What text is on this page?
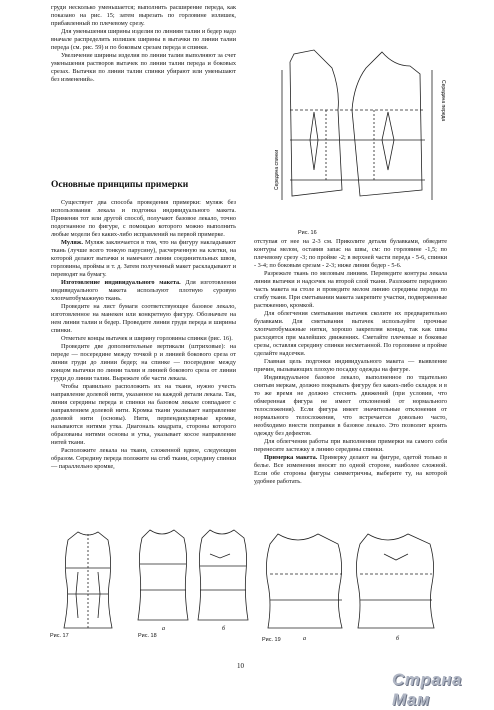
груди несколько уменьшается; выполнить расширение переда, как показано на рис. 15; затем вырезать по горловине излишек, прибавленный по плечевому срезу.

Для уменьшения ширины изделия по линиям талии и бедер надо вначале распределить излишек ширины в вытачки по линии талии переда (см. рис. 59) и по боковым срезам переда и спинки.

Увеличение ширины изделия по линии талии выполняют за счет уменьшения растворов вытачек по линии талии переда и боковых срезах. Вытачки по линии талии спинки убирают или уменьшают без изменений».

Основные принципы примерки

Существует два способа проведения примерки: муляж без использования лекала и подгонка индивидуального макета. Применяя тот или другой способ, получают базовое лекало, точно подогнанное по фигуре, с помощью которого можно выполнить любые модели без каких-либо исправлений на первой примерке.

Муляж. Муляж заключается в том, что на фигуру накладывают ткань (лучше всего тонкую парусину), расчерченную на клетки, на которой делают вытачки и намечают линии соединительных швов, горловины, проймы и т. д. Затем полученный макет раскладывают и переводят на бумагу.

Изготовление индивидуального макета. Для изготовления индивидуального макета используют плотную суровую хлопчатобумажную ткань.

Проведите на лист бумаги соответствующее базовое лекало, изготовленное на манекен или конкретную фигуру. Обозначьте на нем линии талии и бедер. Проведите линии груди переда и ширины спинки.

Отметьте концы вытачек и ширину горловины спинки (рис. 16).

Проведите две дополнительные вертикали (штриховые): на переде — посередине между точкой р и линией бокового среза от линии груди до линии бедер; на спинке — посередине между концом вытачки по линии талии и линией бокового среза от линии груди до линии талии. Вырежьте обе части лекала.

Чтобы правильно расположить их на ткани, нужно учесть направление долевой нити, указанное на каждой детали лекала. Так, линия середины переда и спинки на базовом лекале совпадают с направлением долевой нити. Кромка ткани указывает направление долевой нити (основы). Нити, перпендикулярные кромке, называются нитями утка. Диагональ квадрата, стороны которого образованы нитями основы и утка, указывает косое направление нитей ткани.

Расположите лекала на ткани, сложенной вдвое, следующим образом. Середину переда положите на сгиб ткани, середину спинки — параллельно кромке,

отступая от нее на 2-3 см. Приколите детали булавками, обведите контуры мелом, оставив запас на швы, см: по горловине -1,5; по плечевому срезу -3; по пройме -2; в верхней части переда - 5-6, спинки - 3-4; по боковым срезам - 2-3; ниже линии бедер - 5-6.

Разрежьте ткань по меловым линиям. Переведите контуры лекала линии вытачки и надсечек на второй слой ткани. Разложите переднюю часть макета на столе и проведите мелом линию середины переда по сгибу ткани. При сметывании макета закрепите участки, подверженные растяжению, кромкой.

Для облегчения сметывания вытачек сколите их предварительно булавками. Для сметывания вытачек используйте прочные хлопчатобумажные нитки, хорошо закрепляя концы, так как швы расходятся при малейших движениях. Сметайте плечевые и боковые срезы, оставляя середину спинки несметанной. По горловине и пройме сделайте надсечки.

Главная цель подгонки индивидуального макета — выявление причин, вызывающих плохую посадку одежды на фигуре.

Индивидуальное базовое лекало, выполненное по тщательно снятым меркам, должно покрывать фигуру без каких-либо складок и в то же время не должно стеснять движений (при условии, что обмеренная фигура не имеет отклонений от нормального телосложения). Если фигура имеет значительные отклонения от нормального телосложения, что встречается довольно часто, необходимо внести поправки в базовое лекало. Это позволит кроить одежду без дефектов.

Для облегчения работы при выполнении примерки на самого себя перенесите застежку в линию середины спинки.

Примерка макета. Примерку делают на фигуре, одетой только в белье. Все изменения вносят по одной стороне, наиболее сложной. Если обе стороны фигуры симметричны, выберите ту, на которой удобнее работать.

Середина спинки
Середина переда
Рис. 16
Рис. 17
а	б
Рис. 18	а	б
Рис. 19
10
Страна Мам
